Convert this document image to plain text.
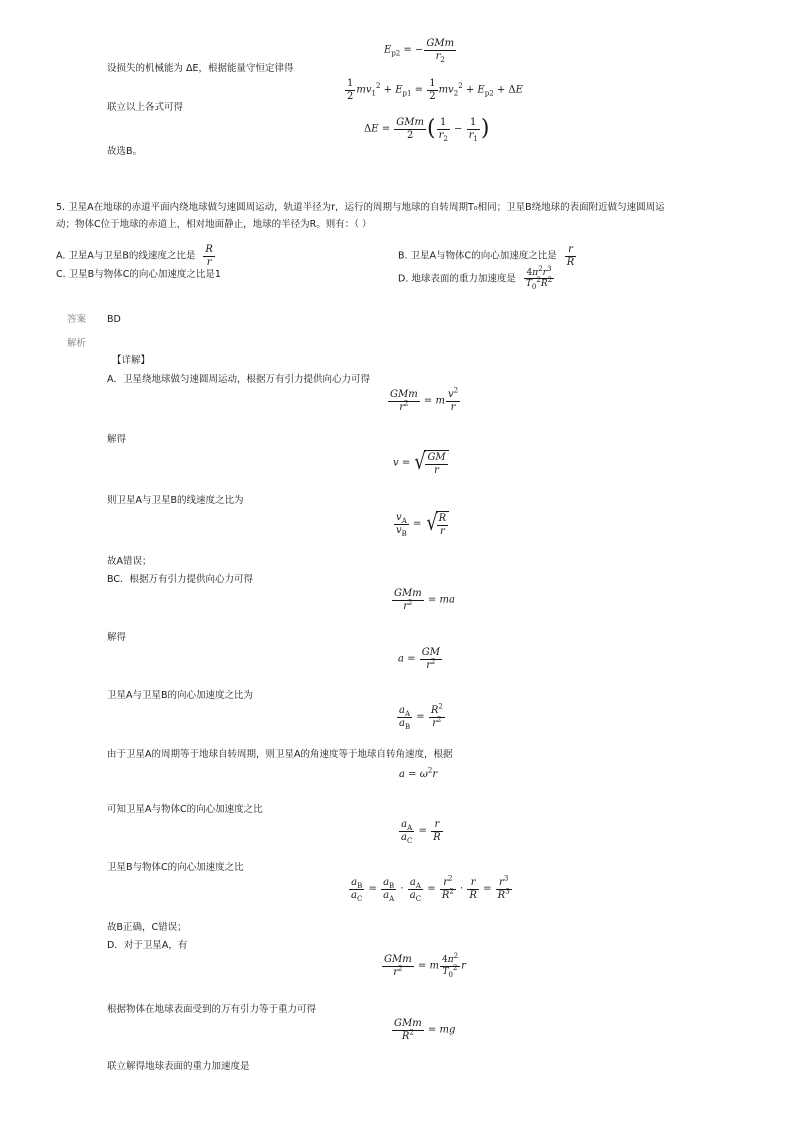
$E_{p2}$ = − $\frac{\text{GMm}}{r_2}$
设损失的机械能为 ΔE，根据能量守恒定律得
$\frac{1}{2} mv_1^2 + E_{p1} = \frac{1}{2} mv_2^2 + E_{p2} + \Delta E$
联立以上各式可得
$\Delta E = \frac{\text{GMm}}{2}$ ( $\frac{1}{r_2} - \frac{1}{r_1}$ )
故选B。
5. 卫星A在地球的赤道平面内绕地球做匀速圆周运动，轨道半径为r，运行的周期与地球的自转周期T₀相同；卫星B绕地球的表面附近做匀速圆周运
动；物体C位于地球的赤道上，相对地面静止，地球的半径为R。则有：（ ）
A. 卫星A与卫星B的线速度之比是 $\frac{R}{r}$	B. 卫星A与物体C的向心加速度之比是 $\frac{r}{R}$
C. 卫星B与物体C的向心加速度之比是1	D. 地球表面的重力加速度是 $\frac{4\pi^2r^3}{T_0^2R^2}$
答案 BD
解析
【详解】
A．卫星绕地球做匀速圆周运动，根据万有引力提供向心力可得
$\frac{\text{GMm}}{r^2} = m \frac{v^2}{r}$
解得
v = √ $\frac{GM}{r}$
则卫星A与卫星B的线速度之比为
$\frac{v_A}{v_B}$ = √ $\frac{R}{r}$
故A错误；
BC．根据万有引力提供向心力可得
$\frac{\text{GMm}}{r^2}$ = ma
解得
$a = \frac{GM}{r^2}$
卫星A与卫星B的向心加速度之比为
$\frac{a_A}{a_B} = \frac{R^2}{r^2}$
由于卫星A的周期等于地球自转周期，则卫星A的角速度等于地球自转角速度，根据
$a = \omega^2r$
可知卫星A与物体C的向心加速度之比
$\frac{a_A}{a_C} = \frac{r}{R}$
卫星B与物体C的向心加速度之比
$\frac{a_B}{a_C} = \frac{a_B}{a_A} \cdot \frac{a_A}{a_C} = \frac{r^2}{R^2} \cdot \frac{r}{R} = \frac{r^3}{R^3}$
故B正确，C错误；
D．对于卫星A，有
$\frac{\text{GMm}}{r^2} = m \frac{4\pi^2}{T_0^2}$ r
根据物体在地球表面受到的万有引力等于重力可得
$\frac{\text{GMm}}{R^2}$ = mg
联立解得地球表面的重力加速度是
